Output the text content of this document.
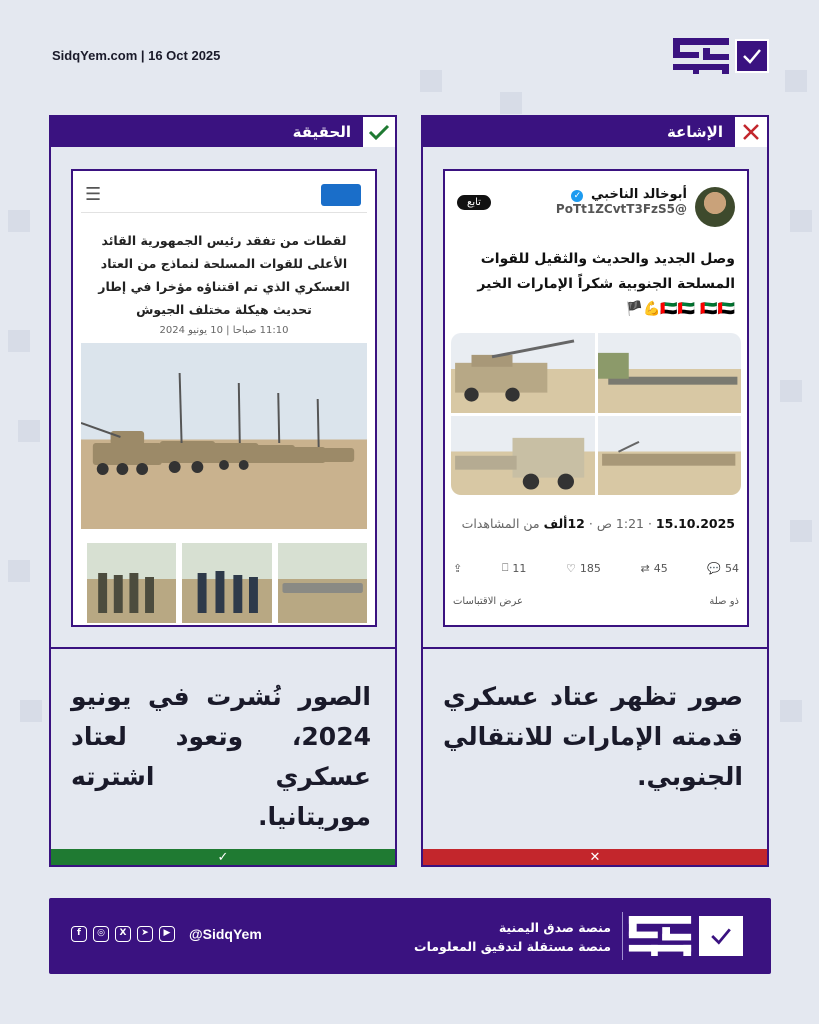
SidqYem.com | 16 Oct 2025
الحقيقة
☰
لقطات من تفقد رئيس الجمهورية القائد الأعلى للقوات المسلحة لنماذج من العتاد العسكري الذي تم اقتناؤه مؤخرا في إطار تحديث هيكلة مختلف الجيوش
11:10 صباحا | 10 يونيو 2024
الصور نُشرت في يونيو 2024، وتعود لعتاد عسكري اشترته موريتانيا.
✓
الإشاعة
أبوخالد الناخبي ✓
@PoTt1ZCvtT3FzS5
تابع
وصل الجديد والحديث والثقيل للقوات المسلحة الجنوبية شكراً الإمارات الخير 🇦🇪🇦🇪 🇦🇪🇦🇪💪🏴
15.10.2025 · 1:21 ص · 12ألف من المشاهدات
💬 54
⇄ 45
♡ 185
⎕ 11
⇪
ذو صلة
عرض الاقتباسات
صور تظهر عتاد عسكري قدمته الإمارات للانتقالي الجنوبي.
✕
f	◎	X	➤	▶	@SidqYem	منصة صدق اليمنية
منصة مستقلة لتدقيق المعلومات
